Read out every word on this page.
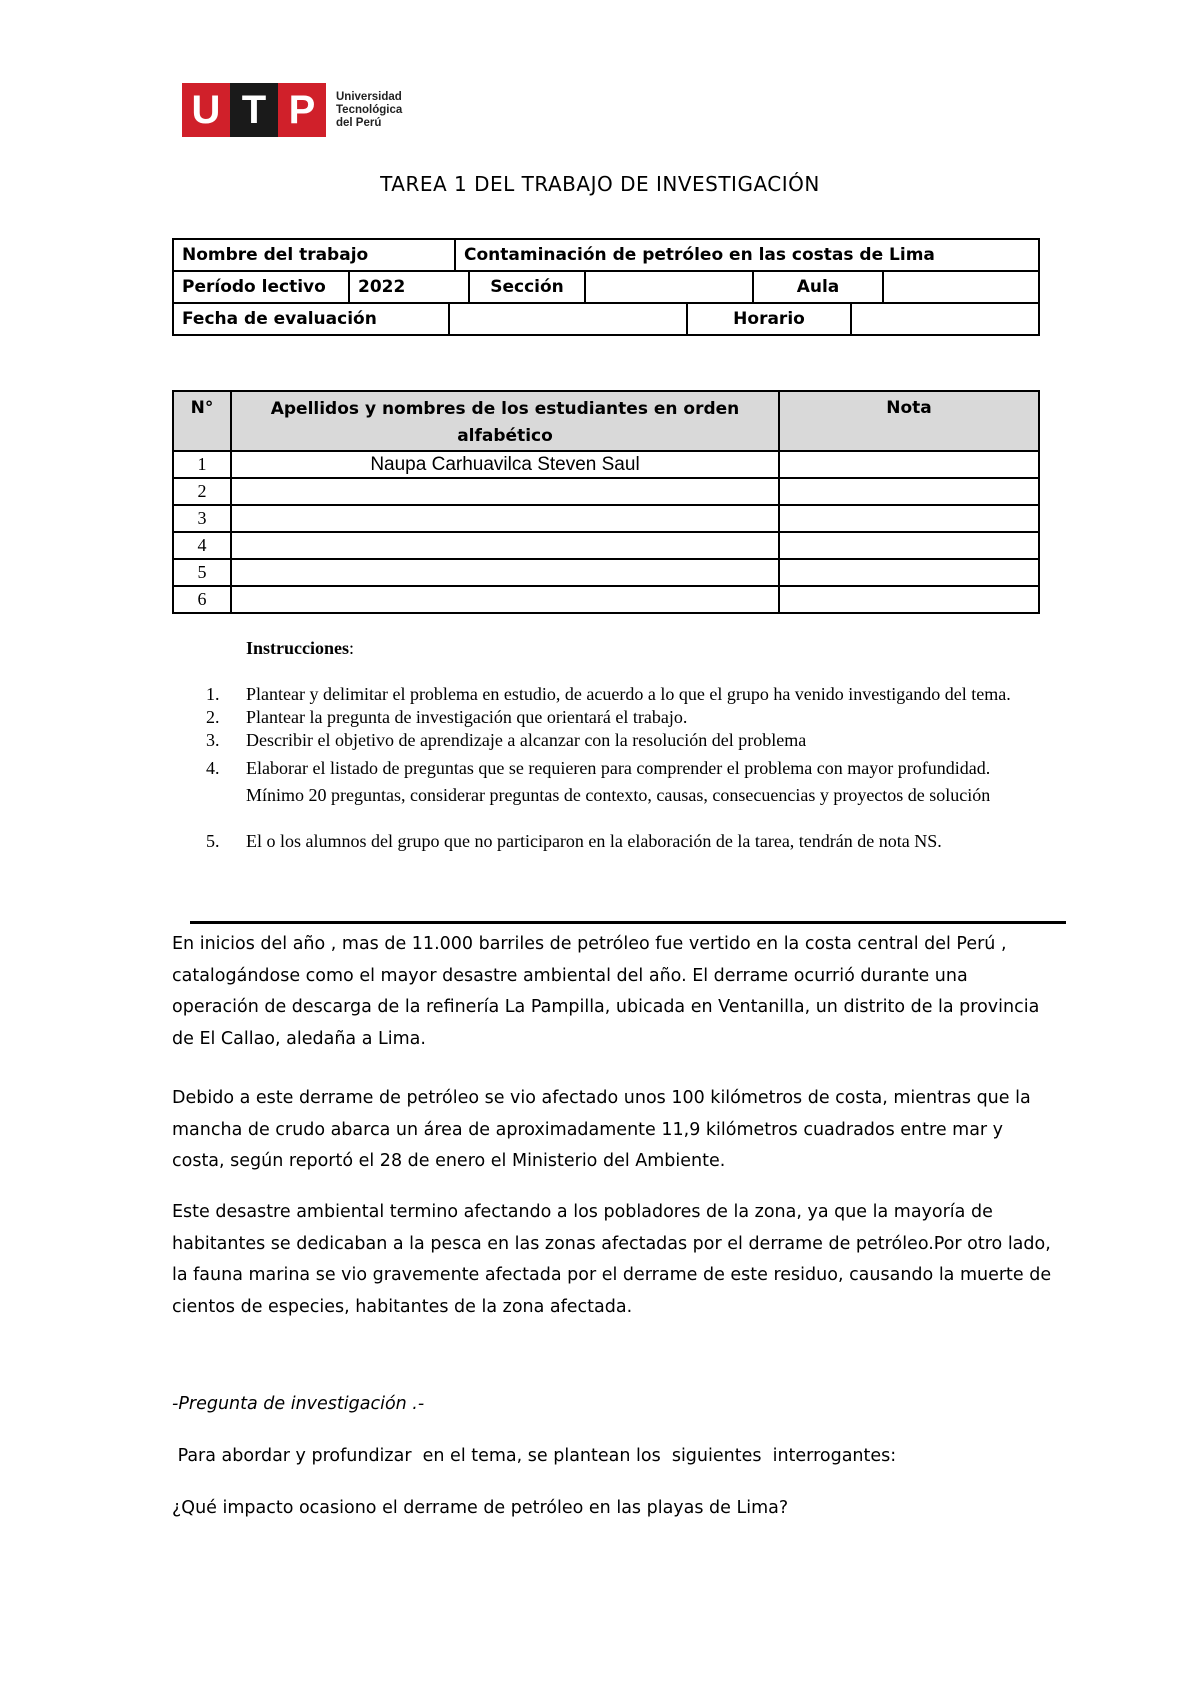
U T P	Universidad
Tecnológica
del Perú
TAREA 1 DEL TRABAJO DE INVESTIGACIÓN
Nombre del trabajo	Contaminación de petróleo en las costas de Lima
Período lectivo	2022	Sección		Aula	
Fecha de evaluación		Horario	
N°	Apellidos y nombres de los estudiantes en orden alfabético	Nota
1	Naupa Carhuavilca Steven Saul	
2		
3		
4		
5		
6		
Instrucciones:
1. Plantear y delimitar el problema en estudio, de acuerdo a lo que el grupo ha venido investigando del tema.
2. Plantear la pregunta de investigación que orientará el trabajo.
3. Describir el objetivo de aprendizaje a alcanzar con la resolución del problema
4. Elaborar el listado de preguntas que se requieren para comprender el problema con mayor profundidad. Mínimo 20 preguntas, considerar preguntas de contexto, causas, consecuencias y proyectos de solución
5. El o los alumnos del grupo que no participaron en la elaboración de la tarea, tendrán de nota NS.

En inicios del año , mas de 11.000 barriles de petróleo fue vertido en la costa central del Perú , catalogándose como el mayor desastre ambiental del año. El derrame ocurrió durante una operación de descarga de la refinería La Pampilla, ubicada en Ventanilla, un distrito de la provincia de El Callao, aledaña a Lima.

Debido a este derrame de petróleo se vio afectado unos 100 kilómetros de costa, mientras que la mancha de crudo abarca un área de aproximadamente 11,9 kilómetros cuadrados entre mar y costa, según reportó el 28 de enero el Ministerio del Ambiente.

Este desastre ambiental termino afectando a los pobladores de la zona, ya que la mayoría de habitantes se dedicaban a la pesca en las zonas afectadas por el derrame de petróleo.Por otro lado, la fauna marina se vio gravemente afectada por el derrame de este residuo, causando la muerte de cientos de especies, habitantes de la zona afectada.

-Pregunta de investigación .-

Para abordar y profundizar  en el tema, se plantean los  siguientes  interrogantes:

¿Qué impacto ocasiono el derrame de petróleo en las playas de Lima?
